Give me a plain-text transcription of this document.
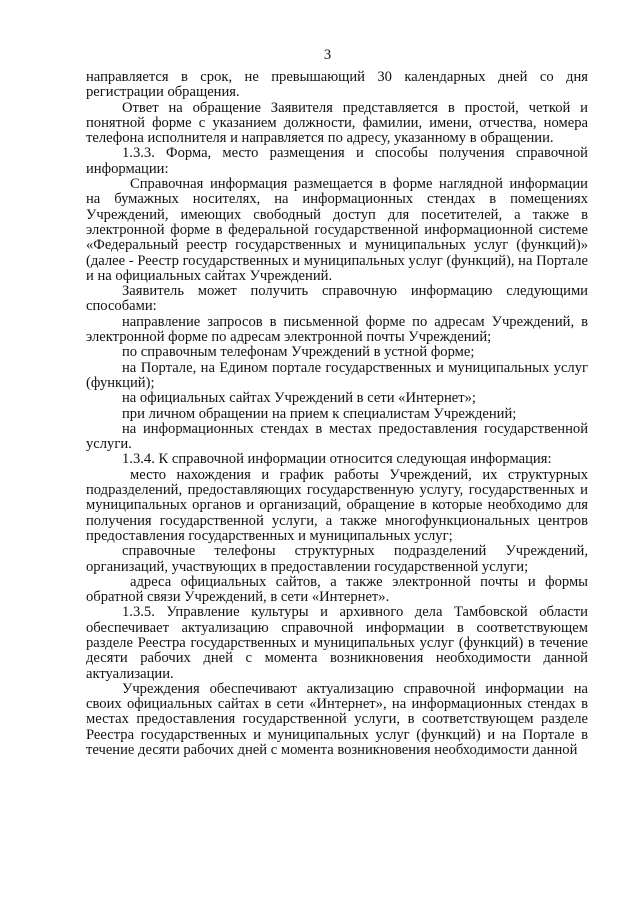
3

направляется в срок, не превышающий 30 календарных дней со дня регистрации обращения.

Ответ на обращение Заявителя представляется в простой, четкой и понятной форме с указанием должности, фамилии, имени, отчества, номера телефона исполнителя и направляется по адресу, указанному в обращении.

1.3.3. Форма, место размещения и способы получения справочной информации:

Справочная информация размещается в форме наглядной информации на бумажных носителях, на информационных стендах в помещениях Учреждений, имеющих свободный доступ для посетителей, а также в электронной форме в федеральной государственной информационной системе «Федеральный реестр государственных и муниципальных услуг (функций)» (далее - Реестр государственных и муниципальных услуг (функций), на Портале и на официальных сайтах Учреждений.

Заявитель может получить справочную информацию следующими способами:

направление запросов в письменной форме по адресам Учреждений, в электронной форме по адресам электронной почты Учреждений;

по справочным телефонам Учреждений в устной форме;

на Портале, на Едином портале государственных и муниципальных услуг (функций);

на официальных сайтах Учреждений в сети «Интернет»;

при личном обращении на прием к специалистам Учреждений;

на информационных стендах в местах предоставления государственной услуги.

1.3.4. К справочной информации относится следующая информация:

место нахождения и график работы Учреждений, их структурных подразделений, предоставляющих государственную услугу, государственных и муниципальных органов и организаций, обращение в которые необходимо для получения государственной услуги, а также многофункциональных центров предоставления государственных и муниципальных услуг;

справочные телефоны структурных подразделений Учреждений, организаций, участвующих в предоставлении государственной услуги;

адреса официальных сайтов, а также электронной почты и формы обратной связи Учреждений, в сети «Интернет».

1.3.5. Управление культуры и архивного дела Тамбовской области обеспечивает актуализацию справочной информации в соответствующем разделе Реестра государственных и муниципальных услуг (функций) в течение десяти рабочих дней с момента возникновения необходимости данной актуализации.

Учреждения обеспечивают актуализацию справочной информации на своих официальных сайтах в сети «Интернет», на информационных стендах в местах предоставления государственной услуги, в соответствующем разделе Реестра государственных и муниципальных услуг (функций) и на Портале в течение десяти рабочих дней с момента возникновения необходимости данной
